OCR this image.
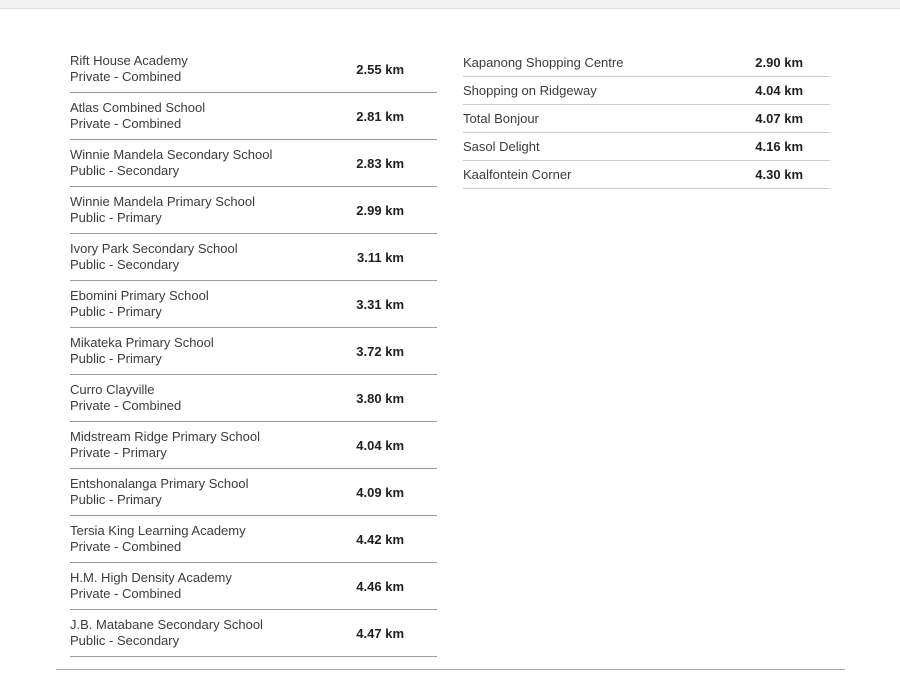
Rift House Academy
Private - Combined	2.55 km
Atlas Combined School
Private - Combined	2.81 km
Winnie Mandela Secondary School
Public - Secondary	2.83 km
Winnie Mandela Primary School
Public - Primary	2.99 km
Ivory Park Secondary School
Public - Secondary	3.11 km
Ebomini Primary School
Public - Primary	3.31 km
Mikateka Primary School
Public - Primary	3.72 km
Curro Clayville
Private - Combined	3.80 km
Midstream Ridge Primary School
Private - Primary	4.04 km
Entshonalanga Primary School
Public - Primary	4.09 km
Tersia King Learning Academy
Private - Combined	4.42 km
H.M. High Density Academy
Private - Combined	4.46 km
J.B. Matabane Secondary School
Public - Secondary	4.47 km
Kapanong Shopping Centre	2.90 km
Shopping on Ridgeway	4.04 km
Total Bonjour	4.07 km
Sasol Delight	4.16 km
Kaalfontein Corner	4.30 km
